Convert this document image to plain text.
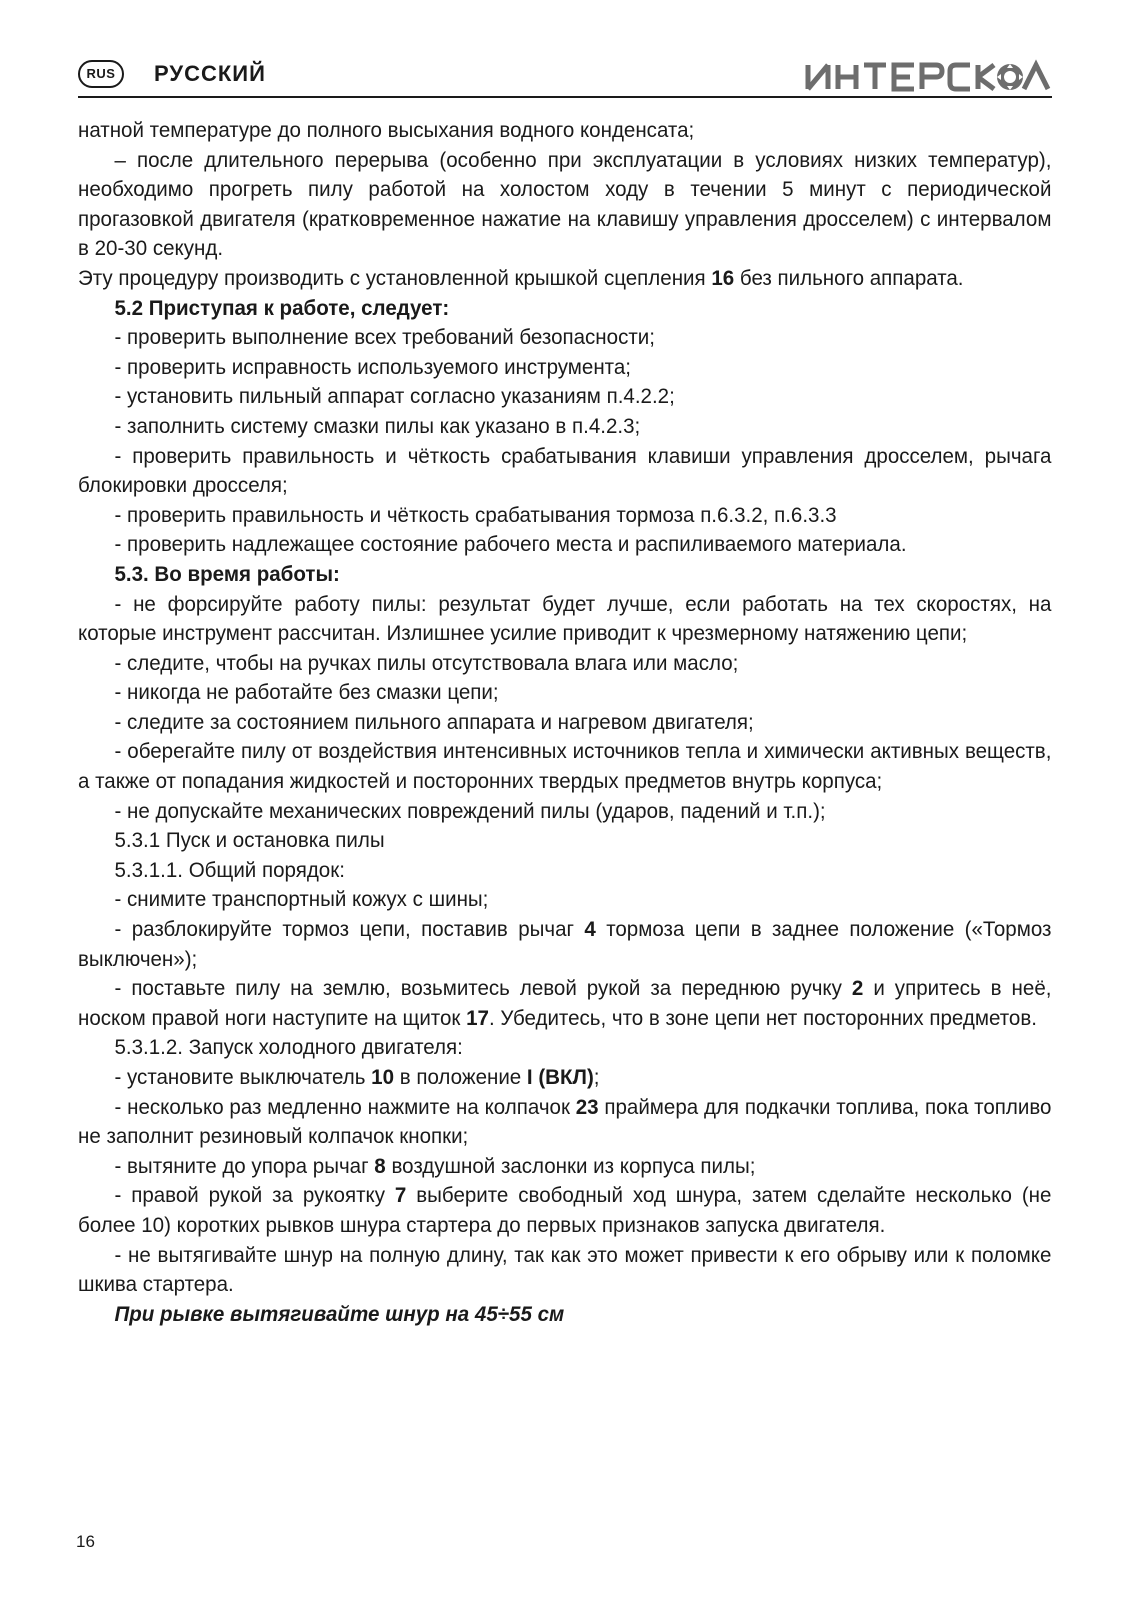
RUS	РУССКИЙ	ИНТЕРСКОЛ

натной температуре до полного высыхания водного конденсата;

– после длительного перерыва (особенно при эксплуатации в условиях низких температур), необходимо прогреть пилу работой на холостом ходу в течении 5 минут с периодической прогазовкой двигателя (кратковременное нажатие на клавишу управления дросселем) с интервалом в 20-30 секунд.

Эту процедуру производить с установленной крышкой сцепления 16 без пильного аппарата.

5.2 Приступая к работе, следует:

- проверить выполнение всех требований безопасности;

- проверить исправность используемого инструмента;

- установить пильный аппарат согласно указаниям п.4.2.2;

- заполнить систему смазки пилы как указано в п.4.2.3;

- проверить правильность и чёткость срабатывания клавиши управления дросселем, рычага блокировки дросселя;

- проверить правильность и чёткость срабатывания тормоза п.6.3.2, п.6.3.3

- проверить надлежащее состояние рабочего места и распиливаемого материала.

5.3. Во время работы:

- не форсируйте работу пилы: результат будет лучше, если работать на тех скоростях, на которые инструмент рассчитан. Излишнее усилие приводит к чрезмерному натяжению цепи;

- следите, чтобы на ручках пилы отсутствовала влага или масло;

- никогда не работайте без смазки цепи;

- следите за состоянием пильного аппарата и нагревом двигателя;

- оберегайте пилу от воздействия интенсивных источников тепла и химически активных веществ, а также от попадания жидкостей и посторонних твердых предметов внутрь корпуса;

- не допускайте механических повреждений пилы (ударов, падений и т.п.);

5.3.1 Пуск и остановка пилы

5.3.1.1. Общий порядок:

- снимите транспортный кожух с шины;

- разблокируйте тормоз цепи, поставив рычаг 4 тормоза цепи в заднее положение («Тормоз выключен»);

- поставьте пилу на землю, возьмитесь левой рукой за переднюю ручку 2 и упритесь в неё, носком правой ноги наступите на щиток 17. Убедитесь, что в зоне цепи нет посторонних предметов.

5.3.1.2. Запуск холодного двигателя:

- установите выключатель 10 в положение I (ВКЛ);

- несколько раз медленно нажмите на колпачок 23 праймера для подкачки топлива, пока топливо не заполнит резиновый колпачок кнопки;

- вытяните до упора рычаг 8 воздушной заслонки из корпуса пилы;

- правой рукой за рукоятку 7 выберите свободный ход шнура, затем сделайте несколько (не более 10) коротких рывков шнура стартера до первых признаков запуска двигателя.

- не вытягивайте шнур на полную длину, так как это может привести к его обрыву или к поломке шкива стартера.

При рывке вытягивайте шнур на 45÷55 см

16
